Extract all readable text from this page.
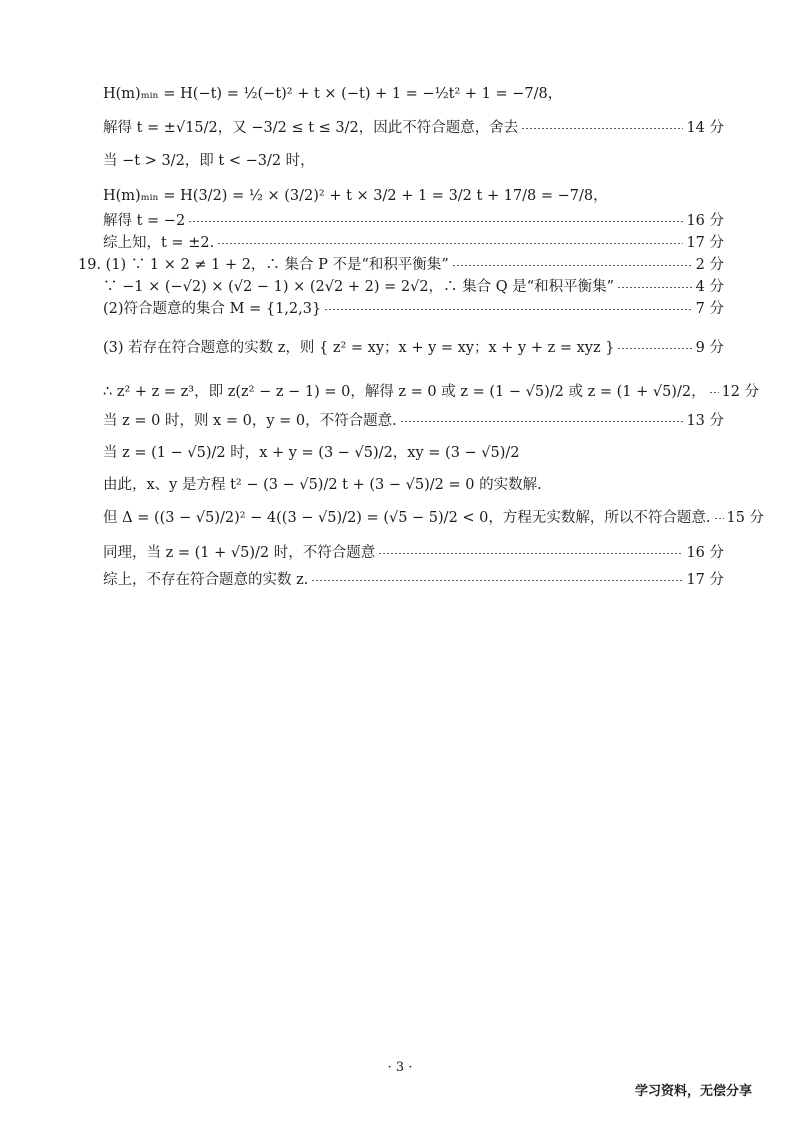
H(m)ₘᵢₙ = H(−t) = ½(−t)² + t × (−t) + 1 = −½t² + 1 = −7/8，
解得 t = ±√15/2，又 −3/2 ≤ t ≤ 3/2，因此不符合题意，舍去	14 分
当 −t > 3/2，即 t < −3/2 时，
H(m)ₘᵢₙ = H(3/2) = ½ × (3/2)² + t × 3/2 + 1 = 3/2 t + 17/8 = −7/8，
解得 t = −2	16 分
综上知，t = ±2.	17 分
19. (1) ∵ 1 × 2 ≠ 1 + 2，∴ 集合 P 不是“和积平衡集”	2 分
∵ −1 × (−√2) × (√2 − 1) × (2√2 + 2) = 2√2，∴ 集合 Q 是“和积平衡集”	4 分
(2)符合题意的集合 M = {1,2,3}	7 分
(3) 若存在符合题意的实数 z，则 { z² = xy；x + y = xy；x + y + z = xyz }	9 分
∴ z² + z = z³，即 z(z² − z − 1) = 0，解得 z = 0 或 z = (1 − √5)/2 或 z = (1 + √5)/2， 12 分
当 z = 0 时，则 x = 0，y = 0，不符合题意.	13 分
当 z = (1 − √5)/2 时，x + y = (3 − √5)/2，xy = (3 − √5)/2
由此，x、y 是方程 t² − (3 − √5)/2 t + (3 − √5)/2 = 0 的实数解.
但 Δ = ((3 − √5)/2)² − 4((3 − √5)/2) = (√5 − 5)/2 < 0，方程无实数解，所以不符合题意. 15 分
同理，当 z = (1 + √5)/2 时，不符合题意	16 分
综上，不存在符合题意的实数 z.	17 分
· 3 ·
学习资料，无偿分享
